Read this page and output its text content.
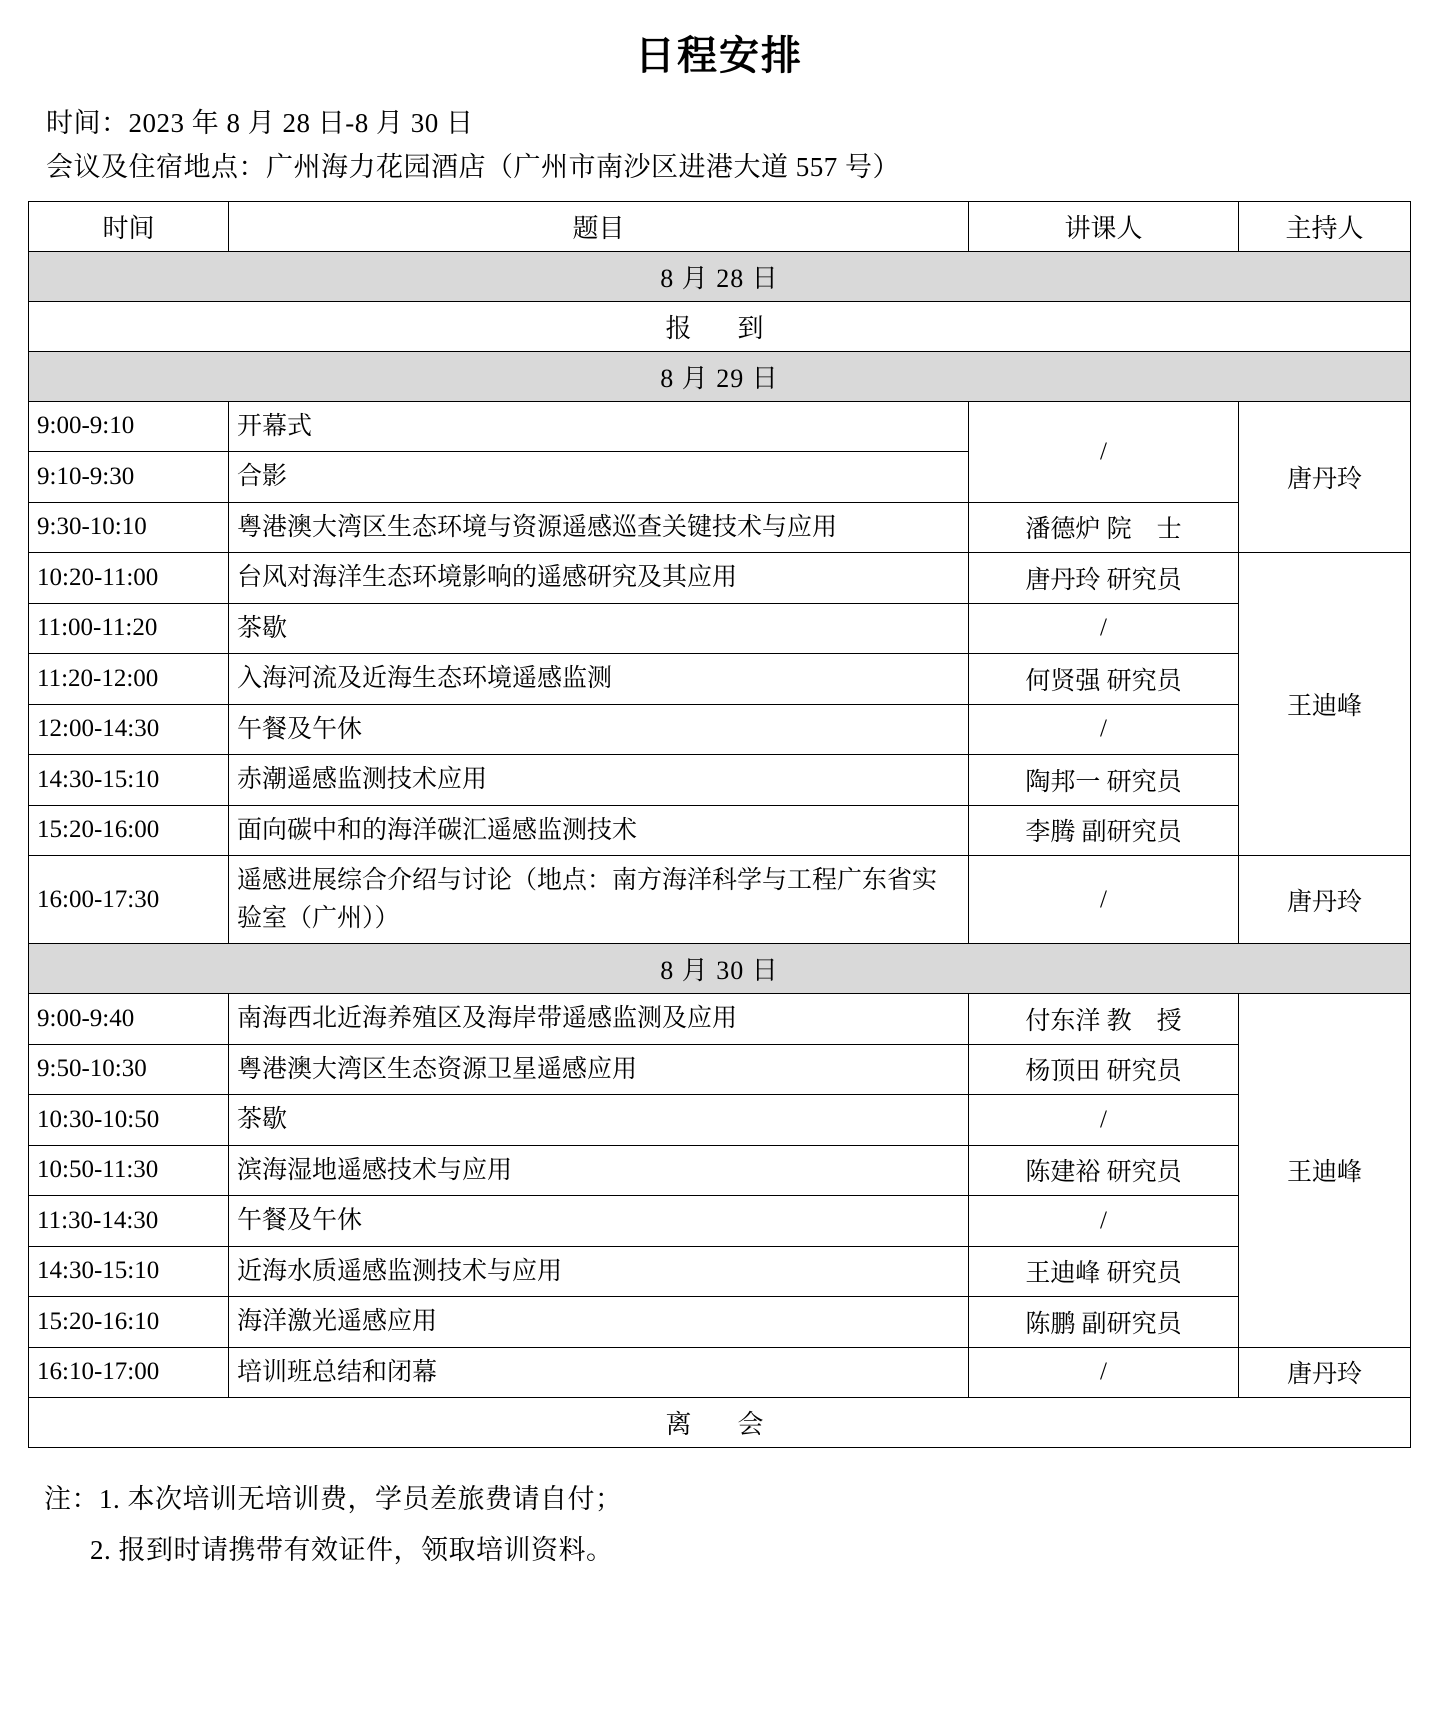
日程安排
时间：2023 年 8 月 28 日-8 月 30 日
会议及住宿地点：广州海力花园酒店（广州市南沙区进港大道 557 号）
时间	题目	讲课人	主持人
8 月 28 日			
报　到			
8 月 29 日			
9:00-9:10	开幕式	/	唐丹玲
9:10-9:30	合影		
9:30-10:10	粤港澳大湾区生态环境与资源遥感巡查关键技术与应用	潘德炉 院　士	
10:20-11:00	台风对海洋生态环境影响的遥感研究及其应用	唐丹玲 研究员	王迪峰
11:00-11:20	茶歇	/	
11:20-12:00	入海河流及近海生态环境遥感监测	何贤强 研究员	
12:00-14:30	午餐及午休	/	
14:30-15:10	赤潮遥感监测技术应用	陶邦一 研究员	
15:20-16:00	面向碳中和的海洋碳汇遥感监测技术	李腾 副研究员	
16:00-17:30	遥感进展综合介绍与讨论（地点：南方海洋科学与工程广东省实验室（广州））	/	唐丹玲
8 月 30 日			
9:00-9:40	南海西北近海养殖区及海岸带遥感监测及应用	付东洋 教　授	王迪峰
9:50-10:30	粤港澳大湾区生态资源卫星遥感应用	杨顶田 研究员	
10:30-10:50	茶歇	/	
10:50-11:30	滨海湿地遥感技术与应用	陈建裕 研究员	
11:30-14:30	午餐及午休	/	
14:30-15:10	近海水质遥感监测技术与应用	王迪峰 研究员	
15:20-16:10	海洋激光遥感应用	陈鹏 副研究员	
16:10-17:00	培训班总结和闭幕	/	唐丹玲
离　会			
注：1. 本次培训无培训费，学员差旅费请自付；
2. 报到时请携带有效证件，领取培训资料。
